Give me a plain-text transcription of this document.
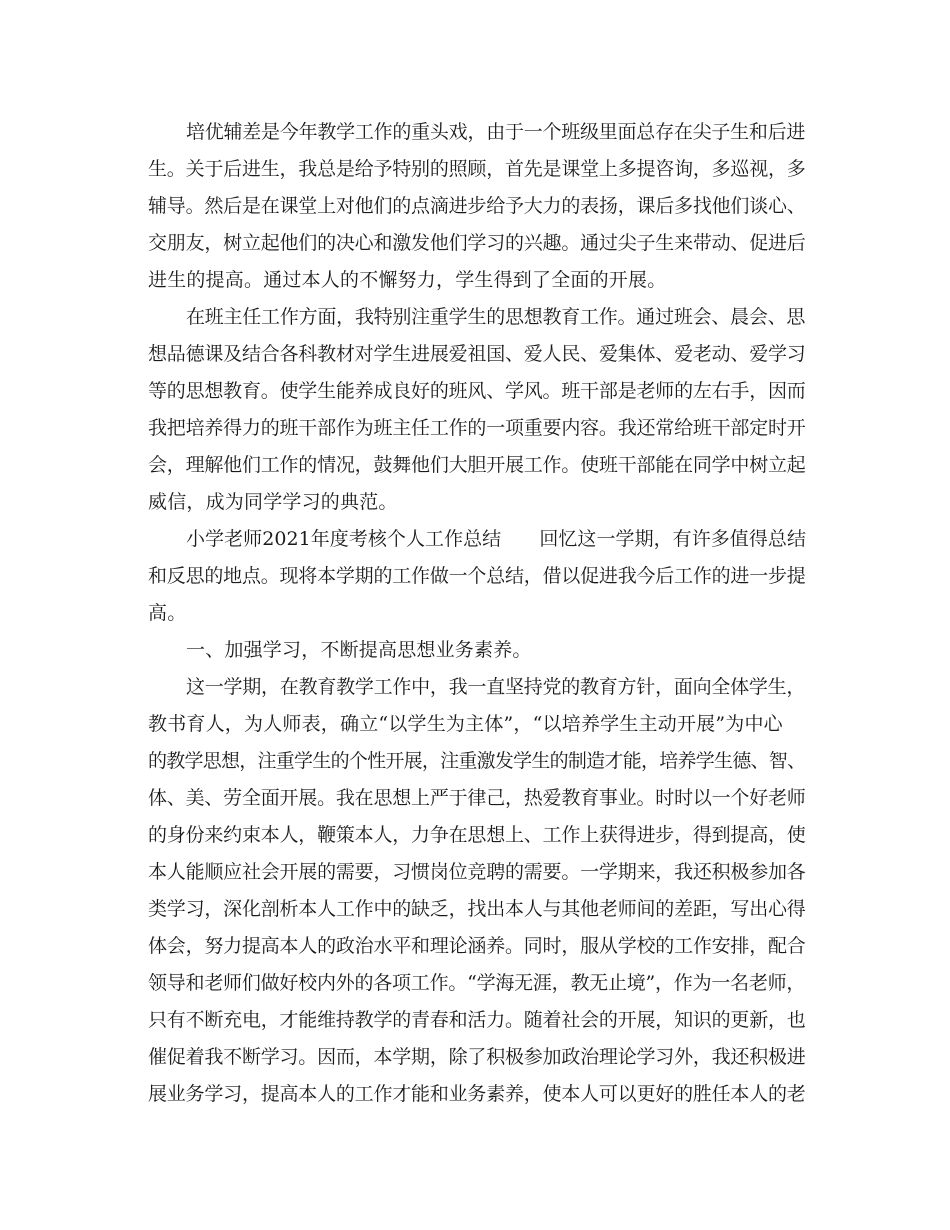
培优辅差是今年教学工作的重头戏，由于一个班级里面总存在尖子生和后进
生。关于后进生，我总是给予特别的照顾，首先是课堂上多提咨询，多巡视，多
辅导。然后是在课堂上对他们的点滴进步给予大力的表扬，课后多找他们谈心、
交朋友，树立起他们的决心和激发他们学习的兴趣。通过尖子生来带动、促进后
进生的提高。通过本人的不懈努力，学生得到了全面的开展。
在班主任工作方面，我特别注重学生的思想教育工作。通过班会、晨会、思
想品德课及结合各科教材对学生进展爱祖国、爱人民、爱集体、爱老动、爱学习
等的思想教育。使学生能养成良好的班风、学风。班干部是老师的左右手，因而
我把培养得力的班干部作为班主任工作的一项重要内容。我还常给班干部定时开
会，理解他们工作的情况，鼓舞他们大胆开展工作。使班干部能在同学中树立起
威信，成为同学学习的典范。
小学老师2021年度考核个人工作总结　　回忆这一学期，有许多值得总结
和反思的地点。现将本学期的工作做一个总结，借以促进我今后工作的进一步提
高。
一、加强学习，不断提高思想业务素养。
这一学期，在教育教学工作中，我一直坚持党的教育方针，面向全体学生，
教书育人，为人师表，确立“以学生为主体”，“以培养学生主动开展”为中心
的教学思想，注重学生的个性开展，注重激发学生的制造才能，培养学生德、智、
体、美、劳全面开展。我在思想上严于律己，热爱教育事业。时时以一个好老师
的身份来约束本人，鞭策本人，力争在思想上、工作上获得进步，得到提高，使
本人能顺应社会开展的需要，习惯岗位竞聘的需要。一学期来，我还积极参加各
类学习，深化剖析本人工作中的缺乏，找出本人与其他老师间的差距，写出心得
体会，努力提高本人的政治水平和理论涵养。同时，服从学校的工作安排，配合
领导和老师们做好校内外的各项工作。“学海无涯，教无止境”，作为一名老师，
只有不断充电，才能维持教学的青春和活力。随着社会的开展，知识的更新，也
催促着我不断学习。因而，本学期，除了积极参加政治理论学习外，我还积极进
展业务学习，提高本人的工作才能和业务素养，使本人可以更好的胜任本人的老
